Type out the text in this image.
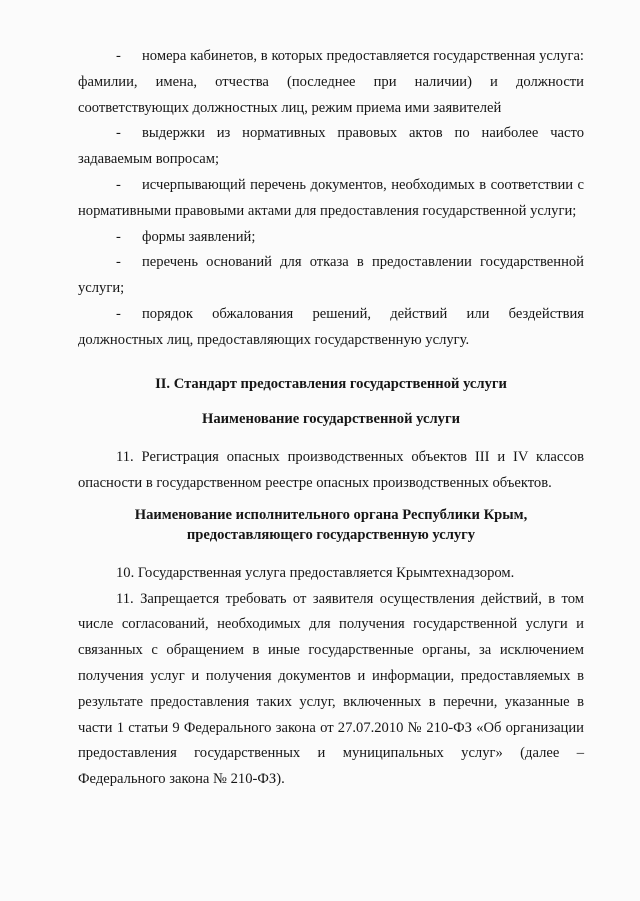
- номера кабинетов, в которых предоставляется государственная услуга: фамилии, имена, отчества (последнее при наличии) и должности соответствующих должностных лиц, режим приема ими заявителей

- выдержки из нормативных правовых актов по наиболее часто задаваемым вопросам;

- исчерпывающий перечень документов, необходимых в соответствии с нормативными правовыми актами для предоставления государственной услуги;

- формы заявлений;

- перечень оснований для отказа в предоставлении государственной услуги;

- порядок обжалования решений, действий или бездействия должностных лиц, предоставляющих государственную услугу.

II. Стандарт предоставления государственной услуги

Наименование государственной услуги

11. Регистрация опасных производственных объектов III и IV классов опасности в государственном реестре опасных производственных объектов.

Наименование исполнительного органа Республики Крым,
предоставляющего государственную услугу

10. Государственная услуга предоставляется Крымтехнадзором.

11. Запрещается требовать от заявителя осуществления действий, в том числе согласований, необходимых для получения государственной услуги и связанных с обращением в иные государственные органы, за исключением получения услуг и получения документов и информации, предоставляемых в результате предоставления таких услуг, включенных в перечни, указанные в части 1 статьи 9 Федерального закона от 27.07.2010 № 210-ФЗ «Об организации предоставления государственных и муниципальных услуг» (далее – Федерального закона № 210-ФЗ).
